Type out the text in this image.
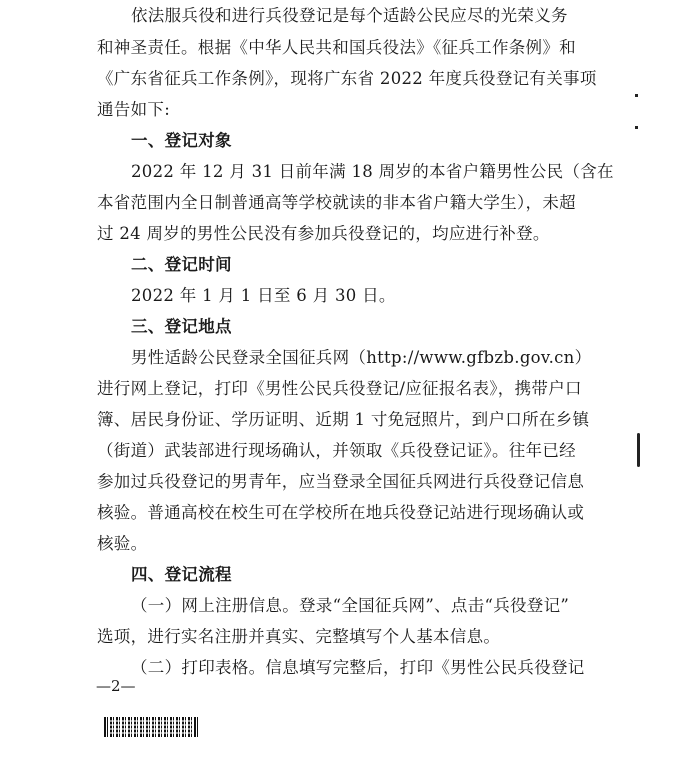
依法服兵役和进行兵役登记是每个适龄公民应尽的光荣义务
和神圣责任。根据《中华人民共和国兵役法》《征兵工作条例》和
《广东省征兵工作条例》，现将广东省 2022 年度兵役登记有关事项
通告如下:
一、登记对象
2022 年 12 月 31 日前年满 18 周岁的本省户籍男性公民（含在
本省范围内全日制普通高等学校就读的非本省户籍大学生），未超
过 24 周岁的男性公民没有参加兵役登记的，均应进行补登。
二、登记时间
2022 年 1 月 1 日至 6 月 30 日。
三、登记地点
男性适龄公民登录全国征兵网（http://www.gfbzb.gov.cn）
进行网上登记，打印《男性公民兵役登记/应征报名表》，携带户口
簿、居民身份证、学历证明、近期 1 寸免冠照片，到户口所在乡镇
（街道）武装部进行现场确认，并领取《兵役登记证》。往年已经
参加过兵役登记的男青年，应当登录全国征兵网进行兵役登记信息
核验。普通高校在校生可在学校所在地兵役登记站进行现场确认或
核验。
四、登记流程
（一）网上注册信息。登录“全国征兵网”、点击“兵役登记”
选项，进行实名注册并真实、完整填写个人基本信息。
（二）打印表格。信息填写完整后，打印《男性公民兵役登记
—2—
